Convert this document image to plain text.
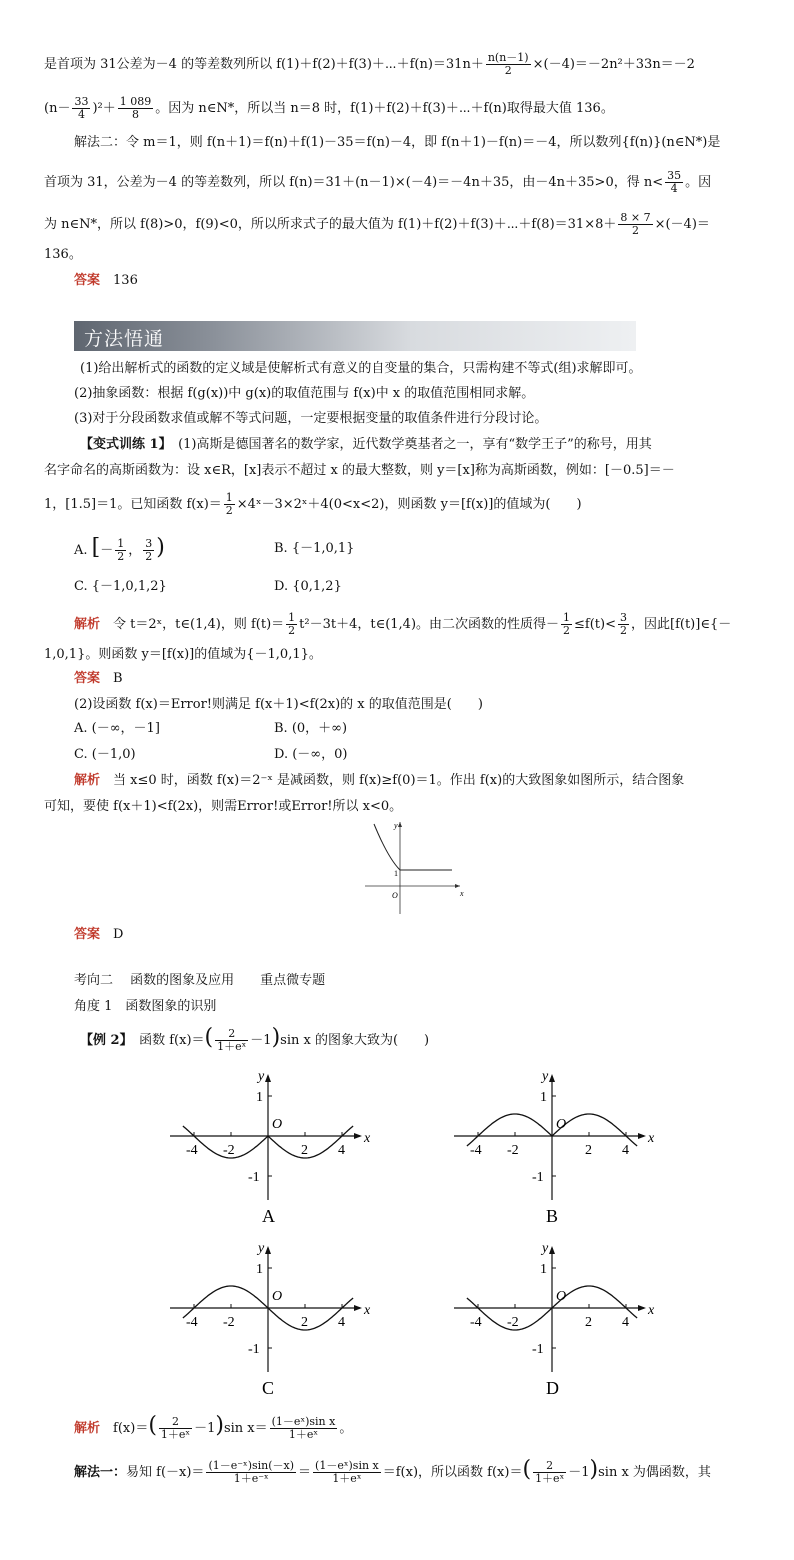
是首项为 31公差为－4 的等差数列所以 f(1)＋f(2)＋f(3)＋⋯＋f(n)＝31n＋ $\frac{n(n-1)}{2} \times(-4)=-2n^2+33n=-2$
$(n- \frac{33}{4} )^2+ \frac{1 089}{8}$ 。因为 n∈N*，所以当 n＝8 时，f(1)＋f(2)＋f(3)＋⋯＋f(n)取得最大值 136。
解法二：令 m＝1，则 f(n＋1)＝f(n)＋f(1)－35＝f(n)－4，即 f(n＋1)－f(n)＝－4，所以数列{f(n)}(n∈N*)是
首项为 31，公差为－4 的等差数列，所以 f(n)＝31＋(n－1)×(－4)＝－4n＋35，由－4n＋35>0，得 $n< \frac{35}{4}$ 。因
为 n∈N*，所以 f(8)>0，f(9)<0，所以所求式子的最大值为 f(1)＋f(2)＋f(3)＋⋯＋f(8)＝31×8＋ $\frac{8 \times 7}{2} \times(-4)=$
136。
答案　 136
方法悟通
(1)给出解析式的函数的定义域是使解析式有意义的自变量的集合，只需构建不等式(组)求解即可。
(2)抽象函数：根据 f(g(x))中 g(x)的取值范围与 f(x)中 x 的取值范围相同求解。
(3)对于分段函数求值或解不等式问题，一定要根据变量的取值条件进行分段讨论。
【变式训练 1】　 (1)高斯是德国著名的数学家，近代数学奠基者之一，享有“数学王子”的称号，用其
名字命名的高斯函数为：设 x∈R，[x]表示不超过 x 的最大整数，则 y＝[x]称为高斯函数，例如：[－0.5]＝－
1，[1.5]＝1。已知函数 $f(x)= \frac{1}{2}$ ×4ˣ－3×2ˣ＋4(0<x<2)，则函数 y＝[f(x)]的值域为(　　)
A. [－ $\frac{1}{2}$ ， $\frac{3}{2}$ )	B. {－1,0,1}
C. {－1,0,1,2}	D. {0,1,2}
解析　 令 t＝2ˣ，t∈(1,4)，则 $f(t)= \frac{1}{2} t^2-3t+4$，t∈(1,4)。由二次函数的性质得－ $\frac{1}{2} \le f(t)< \frac{3}{2}$ ，因此[f(t)]∈{－
1,0,1}。则函数 y＝[f(x)]的值域为{－1,0,1}。
答案　 B
(2)设函数 f(x)＝Error!则满足 f(x＋1)<f(2x)的 x 的取值范围是(　　)
A. (－∞，－1]	B. (0，＋∞)
C. (－1,0)	D. (－∞，0)
解析　 当 x≤0 时，函数 f(x)＝2⁻ˣ 是减函数，则 f(x)≥f(0)＝1。作出 f(x)的大致图象如图所示，结合图象
可知，要使 f(x＋1)<f(2x)，则需Error!或Error!所以 x<0。
y
x
O
1
答案　 D
考向二　 函数的图象及应用　　 重点微专题
角度 1　函数图象的识别
【例 2】　 函数 $f(x)=( \frac{2}{\text{1＋eˣ}} -1)\sin$ x 的图象大致为(　　)
y
x
O
1
-1
-4 -2	2 4
A
y
x
O
1
-1
-4 -2	2 4
B
y
x
O
1
-1
-4 -2	2 4
C
y
x
O
1
-1
-4 -2	2 4
D
解析　 $f(x)=( \frac{2}{\text{1＋eˣ}} -1)\sin$ $x= \frac{\text{(1－eˣ)sin x}}{\text{1＋eˣ}}$ 。
解法一：易知 $f(-x)= \frac{\text{(1－e⁻ˣ)sin(－x)}}{\text{1＋e⁻ˣ}} = \frac{\text{(1－eˣ)sin x}}{\text{1＋eˣ}} =f(x)$，所以函数 $f(x)=( \frac{2}{\text{1＋eˣ}} -1)\sin$ x 为偶函数，其
